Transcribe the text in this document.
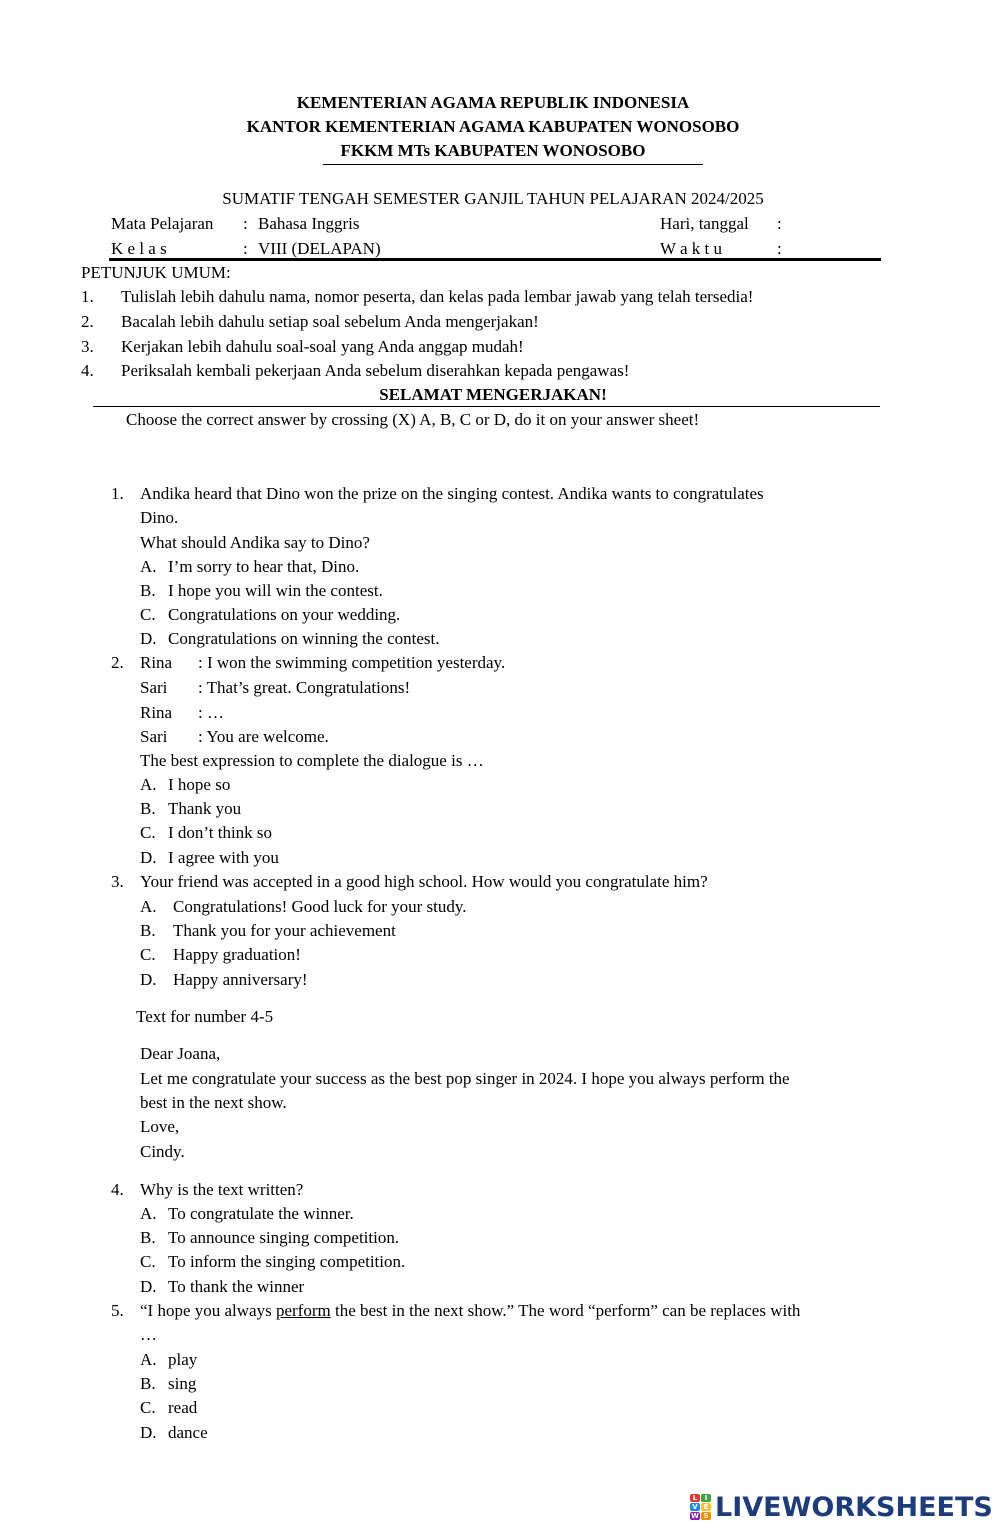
KEMENTERIAN AGAMA REPUBLIK INDONESIA
KANTOR KEMENTERIAN AGAMA KABUPATEN WONOSOBO
FKKM MTs KABUPATEN WONOSOBO
SUMATIF TENGAH SEMESTER GANJIL TAHUN PELAJARAN 2024/2025
Mata Pelajaran : Bahasa Inggris	Hari, tanggal :
K e l a s	: VIII (DELAPAN)	W a k t u	:
PETUNJUK UMUM:
1. Tulislah lebih dahulu nama, nomor peserta, dan kelas pada lembar jawab yang telah tersedia!
2. Bacalah lebih dahulu setiap soal sebelum Anda mengerjakan!
3. Kerjakan lebih dahulu soal-soal yang Anda anggap mudah!
4. Periksalah kembali pekerjaan Anda sebelum diserahkan kepada pengawas!
SELAMAT MENGERJAKAN!
Choose the correct answer by crossing (X) A, B, C or D, do it on your answer sheet!
1. Andika heard that Dino won the prize on the singing contest. Andika wants to congratulates
Dino.
What should Andika say to Dino?
A. I’m sorry to hear that, Dino.
B. I hope you will win the contest.
C. Congratulations on your wedding.
D. Congratulations on winning the contest.
2. Rina : I won the swimming competition yesterday.
Sari : That’s great. Congratulations!
Rina : …
Sari : You are welcome.
The best expression to complete the dialogue is …
A. I hope so
B. Thank you
C. I don’t think so
D. I agree with you
3. Your friend was accepted in a good high school. How would you congratulate him?
A. Congratulations! Good luck for your study.
B. Thank you for your achievement
C. Happy graduation!
D. Happy anniversary!
Text for number 4-5
Dear Joana,
Let me congratulate your success as the best pop singer in 2024. I hope you always perform the
best in the next show.
Love,
Cindy.
4. Why is the text written?
A. To congratulate the winner.
B. To announce singing competition.
C. To inform the singing competition.
D. To thank the winner
5. “I hope you always perform the best in the next show.” The word “perform” can be replaces with
…
A. play
B. sing
C. read
D. dance
L	I
V E
W S LIVEWORKSHEETS
